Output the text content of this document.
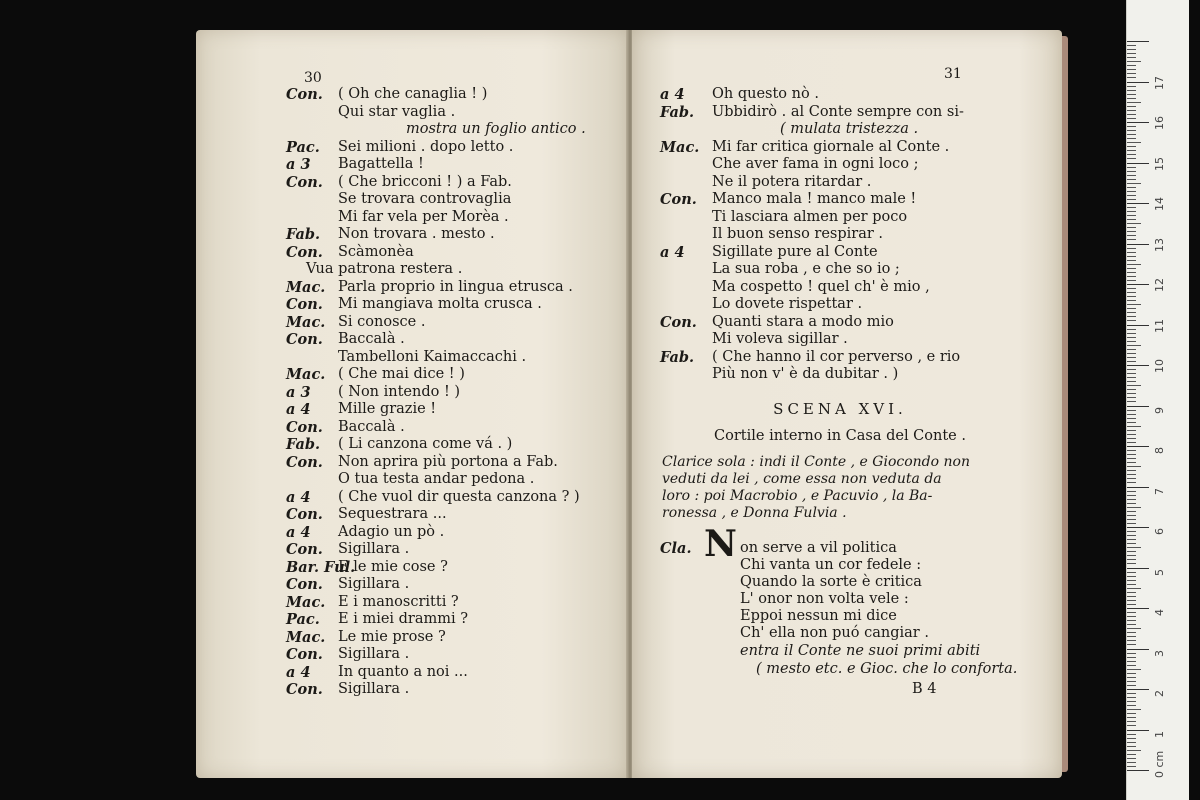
30
Con. ( Oh che canaglia ! )
Qui star vaglia .
mostra un foglio antico .
Pac. Sei milioni . dopo letto .
a 3 Bagattella !
Con. ( Che bricconi ! ) a Fab.
Se trovara controvaglia
Mi far vela per Morèa .
Fab. Non trovara . mesto .
Con. Scàmonèa
Vua patrona restera .
Mac. Parla proprio in lingua etrusca .
Con. Mi mangiava molta crusca .
Mac. Si conosce .
Con. Baccalà .
Tambelloni Kaimaccachi .
Mac. ( Che mai dice ! )
a 3 ( Non intendo ! )
a 4 Mille grazie !
Con. Baccalà .
Fab. ( Li canzona come vá . )
Con. Non aprira più portona a Fab.
O tua testa andar pedona .
a 4 ( Che vuol dir questa canzona ? )
Con. Sequestrara ...
a 4 Adagio un pò .
Con. Sigillara .
Bar. Ful.
E le mie cose ?
Con. Sigillara .
Mac. E i manoscritti ?
Pac. E i miei drammi ?
Mac. Le mie prose ?
Con. Sigillara .
a 4 In quanto a noi ...
Con. Sigillara .
31
a 4 Oh questo nò .
Fab. Ubbidirò . al Conte sempre con si-
( mulata tristezza .
Mac. Mi far critica giornale al Conte .
Che aver fama in ogni loco ;
Ne il potera ritardar .
Con. Manco mala ! manco male !
Ti lasciara almen per poco
Il buon senso respirar .
a 4 Sigillate pure al Conte
La sua roba , e che so io ;
Ma cospetto ! quel ch' è mio ,
Lo dovete rispettar .
Con. Quanti stara a modo mio
Mi voleva sigillar .
Fab. ( Che hanno il cor perverso , e rio
Più non v' è da dubitar . )
SCENA XVI.
Cortile interno in Casa del Conte .
Clarice sola : indi il Conte , e Giocondo non
veduti da lei , come essa non veduta da
loro : poi Macrobio , e Pacuvio , la Ba-
ronessa , e Donna Fulvia .
Cla. N on serve a vil politica
Chi vanta un cor fedele :
Quando la sorte è critica
L' onor non volta vele :
Eppoi nessun mi dice
Ch' ella non puó cangiar .
entra il Conte ne suoi primi abiti
( mesto etc. e Gioc. che lo conforta.
B 4
17
16
15
14
13
12
11
10
9
8
7
6
5
4
3
2
1
0 cm
